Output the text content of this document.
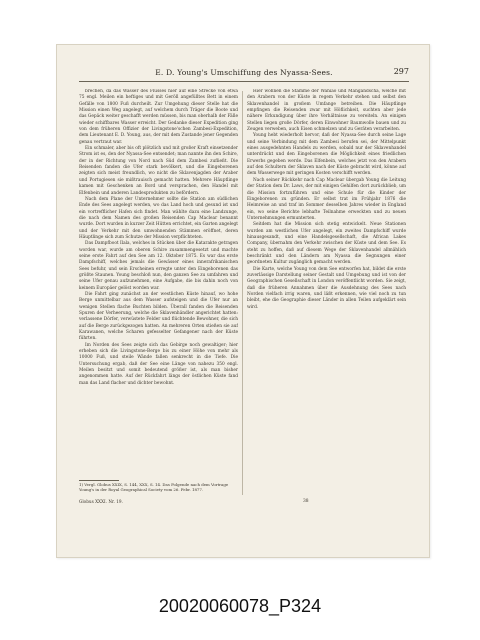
E. D. Young's Umschiffung des Nyassa-Sees.	297

brechen, da das Wasser des Flusses hier auf eine Strecke von etwa 75 engl. Meilen ein heftiges und mit Geröll angefülltes Bett in einem Gefälle von 1800 Fuß durcheilt. Zur Umgehung dieser Stelle hat die Mission einen Weg angelegt, auf welchem durch Träger die Boote und das Gepäck weiter geschafft werden müssen, bis man oberhalb der Fälle wieder schiffbares Wasser erreicht. Der Gedanke dieser Expedition ging von dem früheren Offizier der Livingstone'schen Zambesi-Expedition, dem Lieutenant E. D. Young, aus, der mit dem Zustande jener Gegenden genau vertraut war.

Ein schmaler, aber bis oft plötzlich und mit großer Kraft einsetzender Strom ist es, den der Nyassa-See entsendet; man nannte ihn den Schire, der in der Richtung von Nord nach Süd dem Zambesi zufließt. Die Reisenden fanden die Ufer stark bevölkert, und die Eingeborenen zeigten sich meist freundlich, wo nicht die Sklavenjagden der Araber und Portugiesen sie mißtrauisch gemacht hatten. Mehrere Häuptlinge kamen mit Geschenken an Bord und versprachen, den Handel mit Elfenbein und anderen Landesprodukten zu befördern.

Nach dem Plane der Unternehmer sollte die Station am südlichen Ende des Sees angelegt werden, wo das Land hoch und gesund ist und ein vortrefflicher Hafen sich findet. Man wählte dazu eine Landzunge, die nach dem Namen des großen Reisenden Cap Maclear benannt wurde. Dort wurden in kurzer Zeit Hütten errichtet, ein Garten angelegt und der Verkehr mit den umwohnenden Stämmen eröffnet, deren Häuptlinge sich zum Schutze der Mission verpflichteten.

Das Dampfboot Ilala, welches in Stücken über die Katarakte getragen worden war, wurde am oberen Schire zusammengesetzt und machte seine erste Fahrt auf den See am 12. Oktober 1875. Es war das erste Dampfschiff, welches jemals die Gewässer eines innerafrikanischen Sees befuhr, und sein Erscheinen erregte unter den Eingeborenen das größte Staunen. Young beschloß nun, den ganzen See zu umfahren und seine Ufer genau aufzunehmen, eine Aufgabe, die bis dahin noch von keinem Europäer gelöst worden war.

Die Fahrt ging zunächst an der westlichen Küste hinauf, wo hohe Berge unmittelbar aus dem Wasser aufsteigen und die Ufer nur an wenigen Stellen flache Buchten bilden. Überall fanden die Reisenden Spuren der Verheerung, welche die Sklavenhändler angerichtet hatten: verlassene Dörfer, verwüstete Felder und flüchtende Bewohner, die sich auf die Berge zurückgezogen hatten. An mehreren Orten stießen sie auf Karawanen, welche Scharen gefesselter Gefangener nach der Küste führten.

Im Norden des Sees zeigte sich das Gebirge noch gewaltiger; hier erheben sich die Livingstone-Berge bis zu einer Höhe von mehr als 10000 Fuß, und steile Wände fallen senkrecht in die Tiefe. Die Untersuchung ergab, daß der See eine Länge von nahezu 350 engl. Meilen besitzt und somit bedeutend größer ist, als man bisher angenommen hatte. Auf der Rückfahrt längs der östlichen Küste fand man das Land flacher und dichter bewohnt.

Hier wohnen die Stämme der Wahiao und Mangandscha, welche mit den Arabern von der Küste in regem Verkehr stehen und selbst den Sklavenhandel in großem Umfange betreiben. Die Häuptlinge empfingen die Reisenden zwar mit Höflichkeit, suchten aber jede nähere Erkundigung über ihre Verhältnisse zu vereiteln. An einigen Stellen liegen große Dörfer, deren Einwohner Baumwolle bauen und zu Zeugen verweben, auch Eisen schmelzen und zu Geräten verarbeiten.

Young hebt wiederholt hervor, daß der Nyassa-See durch seine Lage und seine Verbindung mit dem Zambesi berufen sei, der Mittelpunkt eines ausgedehnten Handels zu werden, sobald nur der Sklavenhandel unterdrückt und den Eingeborenen die Möglichkeit eines friedlichen Erwerbs gegeben werde. Das Elfenbein, welches jetzt von den Arabern auf den Schultern der Sklaven nach der Küste gebracht wird, könne auf dem Wasserwege mit geringen Kosten verschifft werden.

Nach seiner Rückkehr nach Cap Maclear übergab Young die Leitung der Station dem Dr. Laws, der mit einigen Gehilfen dort zurückblieb, um die Mission fortzuführen und eine Schule für die Kinder der Eingeborenen zu gründen. Er selbst trat im Frühjahr 1876 die Heimreise an und traf im Sommer desselben Jahres wieder in England ein, wo seine Berichte lebhafte Teilnahme erweckten und zu neuen Unternehmungen ermunterten.

Seitdem hat die Mission sich stetig entwickelt. Neue Stationen wurden am westlichen Ufer angelegt, ein zweites Dampfschiff wurde hinausgesandt, und eine Handelsgesellschaft, die African Lakes Company, übernahm den Verkehr zwischen der Küste und dem See. Es steht zu hoffen, daß auf diesem Wege der Sklavenhandel allmählich beschränkt und den Ländern am Nyassa die Segnungen einer geordneten Kultur zugänglich gemacht werden.

Die Karte, welche Young von dem See entworfen hat, bildet die erste zuverlässige Darstellung seiner Gestalt und Umgebung und ist von der Geographischen Gesellschaft in London veröffentlicht worden. Sie zeigt, daß die früheren Annahmen über die Ausdehnung des Sees nach Norden vielfach irrig waren, und läßt erkennen, wie viel noch zu tun bleibt, ehe die Geographie dieser Länder in allen Teilen aufgeklärt sein wird.

1) Vergl. Globus XXIX, S. 144, XXX, S. 14. Das Folgende nach dem Vortrage Young's in der Royal Geographical Society vom 26. Febr. 1877.
Globus XXXI. Nr. 19.	38
20020060078_P324
